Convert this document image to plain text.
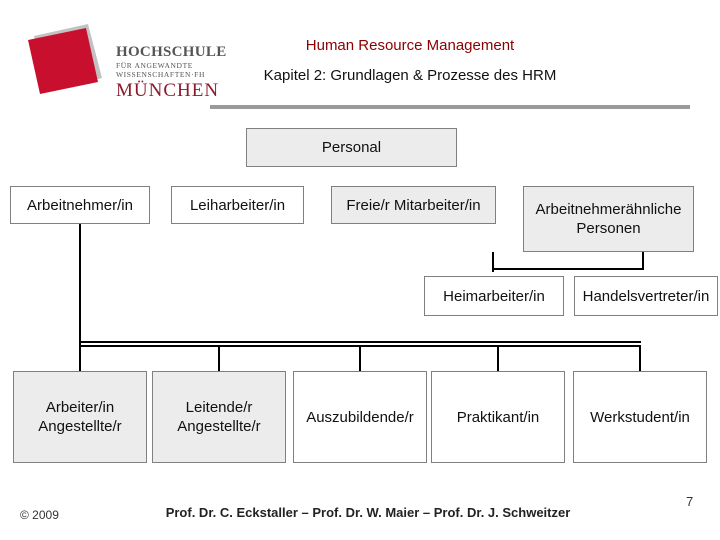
HOCHSCHULE
FÜR ANGEWANDTE
WISSENSCHAFTEN·FH
MÜNCHEN
Human Resource Management
Kapitel 2: Grundlagen & Prozesse des HRM
Personal
Arbeitnehmer/in	Leiharbeiter/in	Freie/r Mitarbeiter/in	Arbeitnehmerähnliche Personen
Heimarbeiter/in	Handelsvertreter/in
Arbeiter/in Angestellte/r
Leitende/r Angestellte/r
Auszubildende/r	Praktikant/in	Werkstudent/in
© 2009	Prof. Dr. C. Eckstaller – Prof. Dr. W. Maier – Prof. Dr. J. Schweitzer
7
